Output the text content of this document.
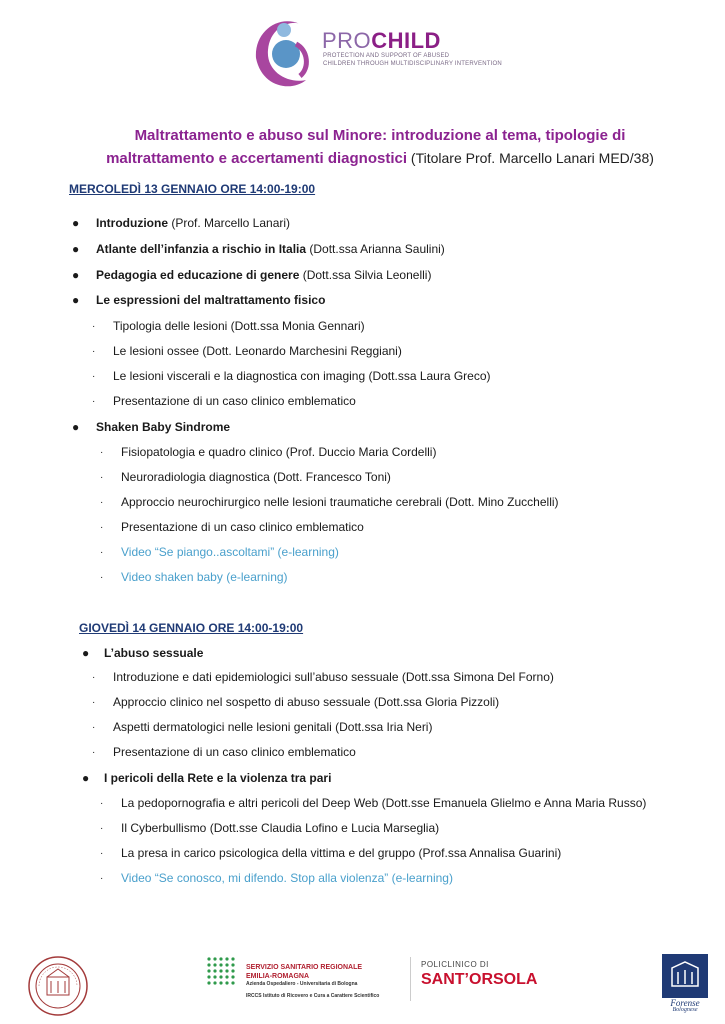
PROCHILD
PROTECTION AND SUPPORT OF ABUSED
CHILDREN THROUGH MULTIDISCIPLINARY INTERVENTION
Maltrattamento e abuso sul Minore: introduzione al tema, tipologie di
maltrattamento e accertamenti diagnostici (Titolare Prof. Marcello Lanari MED/38)
MERCOLEDÌ 13 GENNAIO ORE 14:00-19:00
● Introduzione (Prof. Marcello Lanari)
● Atlante dell’infanzia a rischio in Italia (Dott.ssa Arianna Saulini)
● Pedagogia ed educazione di genere (Dott.ssa Silvia Leonelli)
● Le espressioni del maltrattamento fisico
· Tipologia delle lesioni (Dott.ssa Monia Gennari)
· Le lesioni ossee (Dott. Leonardo Marchesini Reggiani)
· Le lesioni viscerali e la diagnostica con imaging (Dott.ssa Laura Greco)
· Presentazione di un caso clinico emblematico
● Shaken Baby Sindrome
· Fisiopatologia e quadro clinico (Prof. Duccio Maria Cordelli)
· Neuroradiologia diagnostica (Dott. Francesco Toni)
· Approccio neurochirurgico nelle lesioni traumatiche cerebrali (Dott. Mino Zucchelli)
· Presentazione di un caso clinico emblematico
· Video “Se piango..ascoltami” (e-learning)
· Video shaken baby (e-learning)
GIOVEDÌ 14 GENNAIO ORE 14:00-19:00
● L’abuso sessuale
· Introduzione e dati epidemiologici sull’abuso sessuale (Dott.ssa Simona Del Forno)
· Approccio clinico nel sospetto di abuso sessuale (Dott.ssa Gloria Pizzoli)
· Aspetti dermatologici nelle lesioni genitali (Dott.ssa Iria Neri)
· Presentazione di un caso clinico emblematico
● I pericoli della Rete e la violenza tra pari
· La pedopornografia e altri pericoli del Deep Web (Dott.sse Emanuela Glielmo e Anna Maria Russo)
· Il Cyberbullismo (Dott.sse Claudia Lofino e Lucia Marseglia)
· La presa in carico psicologica della vittima e del gruppo (Prof.ssa Annalisa Guarini)
· Video “Se conosco, mi difendo. Stop alla violenza” (e-learning)
SERVIZIO SANITARIO REGIONALE
EMILIA-ROMAGNA
Azienda Ospedaliero - Universitaria di Bologna
IRCCS Istituto di Ricovero e Cura a Carattere Scientifico
POLICLINICO DI
SANT’ORSOLA
Forense
Bolognese
